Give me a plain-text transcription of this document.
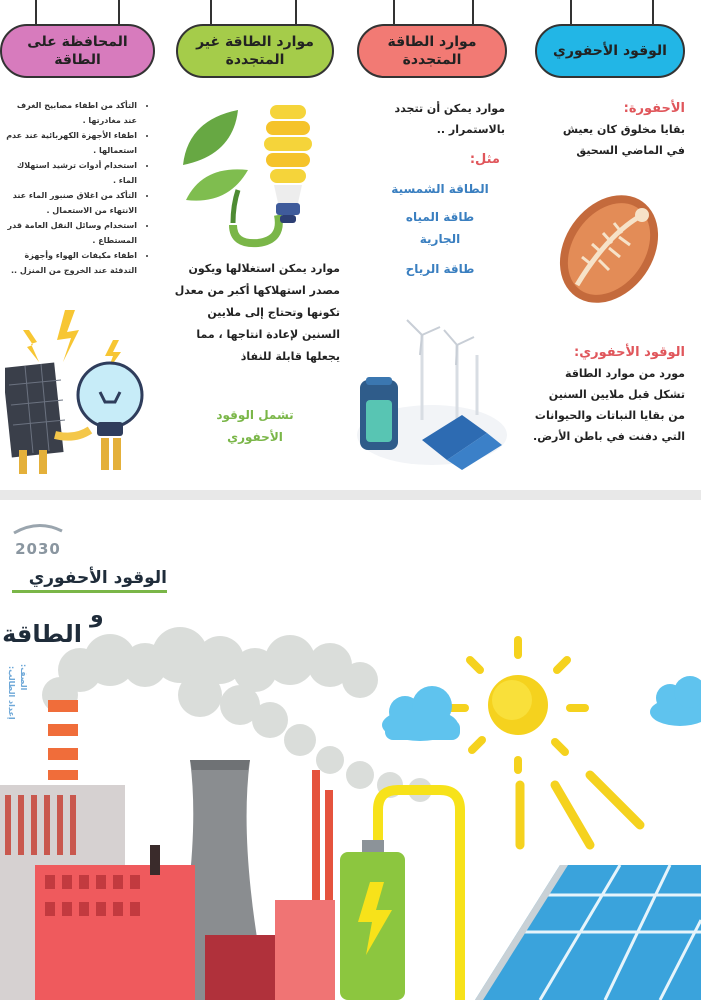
الوقود الأحفوري
موارد الطاقة
المتجددة
موارد الطاقة غير
المتجددة
المحافظة على
الطاقة
الأحفورة:
بقايا مخلوق كان يعيش في الماضي السحيق
الوقود الأحفوري:
مورد من موارد الطاقة تشكل قبل ملايين السنين من بقايا النباتات والحيوانات التي دفنت في باطن الأرض.
موارد يمكن أن تتجدد بالاستمرار ..
مثل:
الطاقة الشمسية
طاقة المياه الجارية
طاقة الرياح
موارد يمكن استغلالها ويكون مصدر استهلاكها أكبر من معدل تكونها وتحتاج إلى ملايين السنين لإعادة انتاجها ، مما يجعلها قابلة للنفاذ
تشمل الوقود الأحفوري
• التأكد من اطفاء مصابيح الغرف عند مغادرتها .
• اطفاء الأجهزة الكهربائية عند عدم استعمالها .
• استخدام أدوات ترشيد استهلاك الماء .
• التأكد من اغلاق صنبور الماء عند الانتهاء من الاستعمال .
• استخدام وسائل النقل العامة قدر المستطاع .
• اطفاء مكيفات الهواء وأجهزة التدفئة عند الخروج من المنزل ..
2030
الوقود الأحفوري
و
الطاقة
إعداد الطالب: الصف:
